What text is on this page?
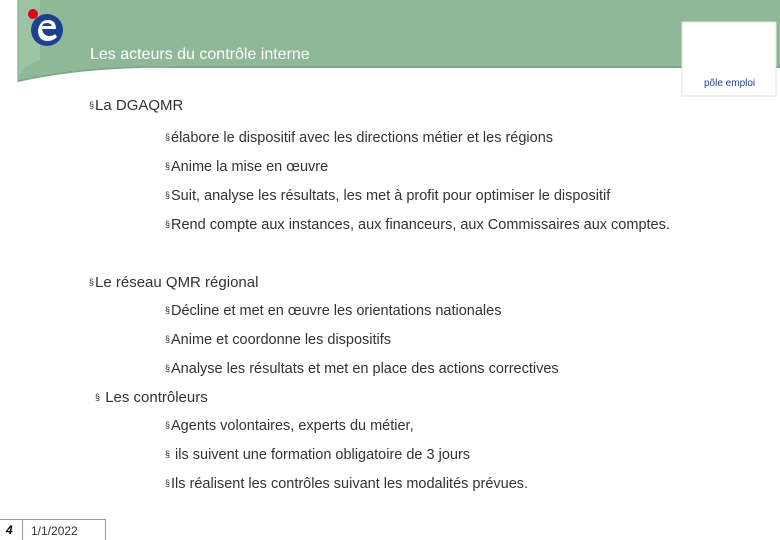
Les acteurs du contrôle interne
pôle emploi
§La DGAQMR
§élabore le dispositif avec les directions métier et les régions
§Anime la mise en œuvre
§Suit, analyse les résultats, les met à profit pour optimiser le dispositif
§Rend compte aux instances, aux financeurs, aux Commissaires aux comptes.
§Le réseau QMR régional
§Décline et met en œuvre les orientations nationales
§Anime et coordonne les dispositifs
§Analyse les résultats et met en place des actions correctives
§ Les contrôleurs
§Agents volontaires, experts du métier,
§ ils suivent une formation obligatoire de 3 jours
§Ils réalisent les contrôles suivant les modalités prévues.
4 1/1/2022
